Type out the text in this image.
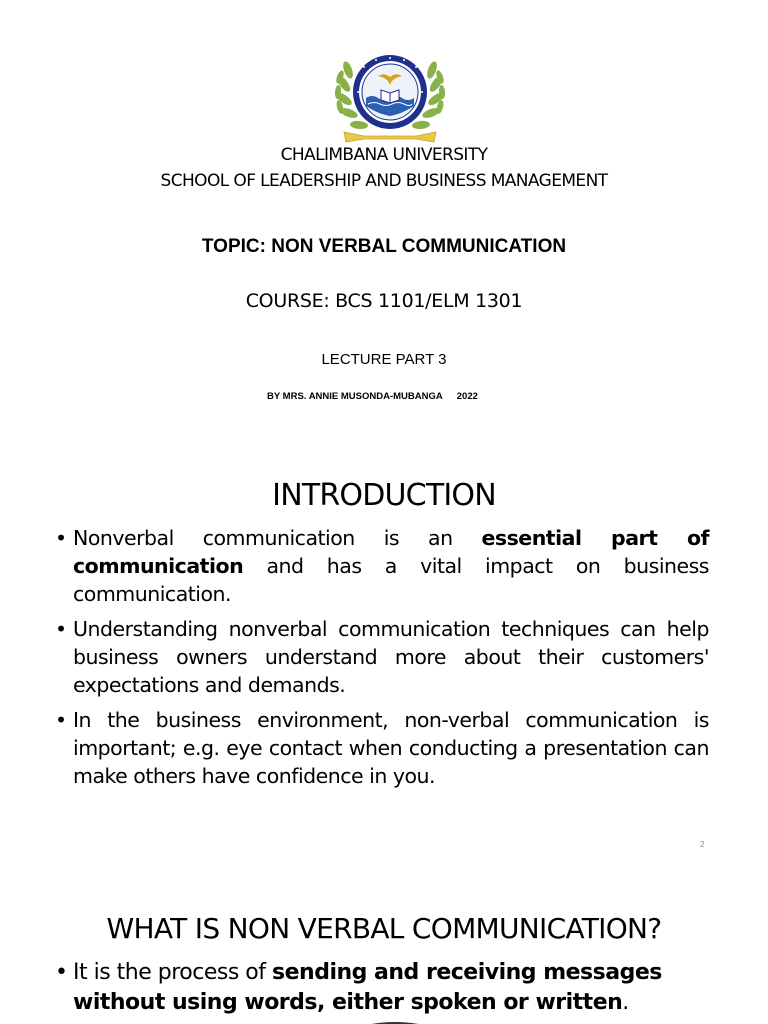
CHALIMBANA UNIVERSITY
SCHOOL OF LEADERSHIP AND BUSINESS MANAGEMENT
TOPIC: NON VERBAL COMMUNICATION
COURSE: BCS 1101/ELM 1301
LECTURE PART 3
BY MRS. ANNIE MUSONDA-MUBANGA 2022
INTRODUCTION
• Nonverbal communication is an essential part of communication and has a vital impact on business communication.
• Understanding nonverbal communication techniques can help business owners understand more about their customers' expectations and demands.
• In the business environment, non-verbal communication is important; e.g. eye contact when conducting a presentation can make others have confidence in you.
2
WHAT IS NON VERBAL COMMUNICATION?
• It is the process of sending and receiving messages without using words, either spoken or written.
